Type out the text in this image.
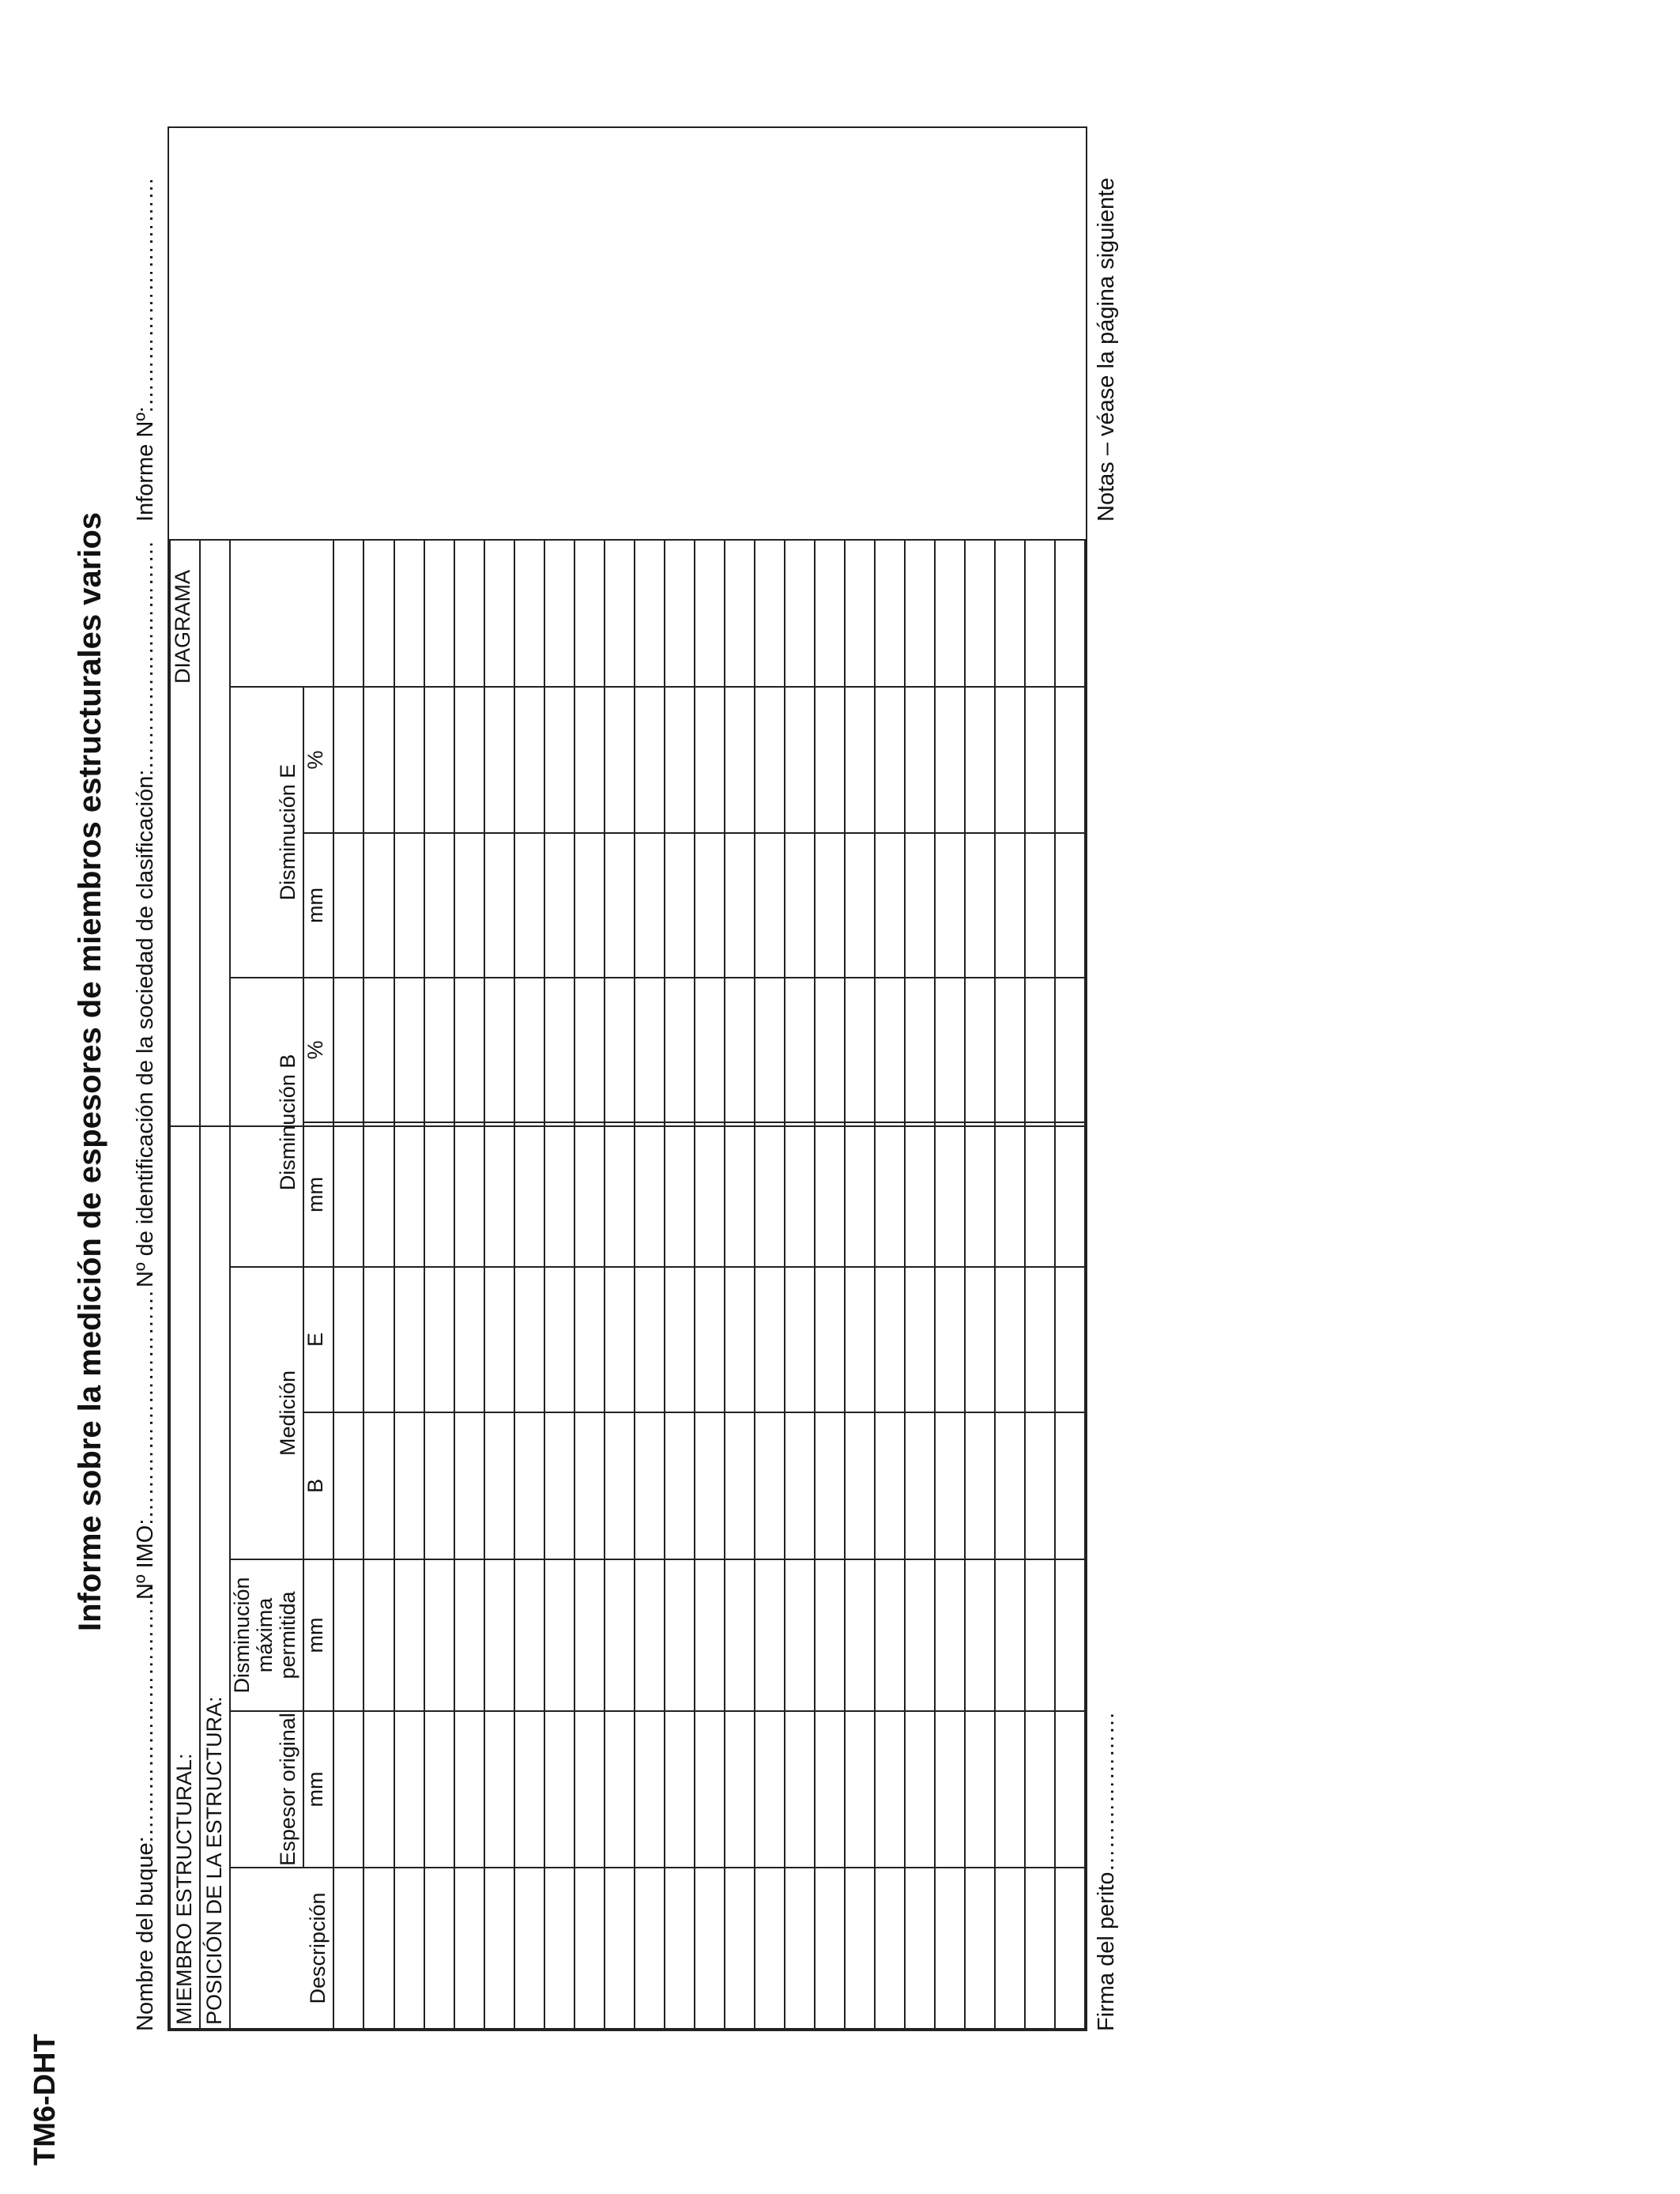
TM6-DHT
Informe sobre la medición de espesores de miembros estructurales varios
Nombre del buque:……………………………
Nº IMO:…………………………
Nº de identificación de la sociedad de clasificación:…………………………
Informe Nº:…………………………
MIEMBRO ESTRUCTURAL:									
POSICIÓN DE LA ESTRUCTURA:									
Descripción	Espesor original	Disminución máxima permitida	Medición		Disminución B		Disminución E		
	mm	mm	B	E	mm	%	mm	%	

DIAGRAMA
Firma del perito…………………
Notas – véase la página siguiente
